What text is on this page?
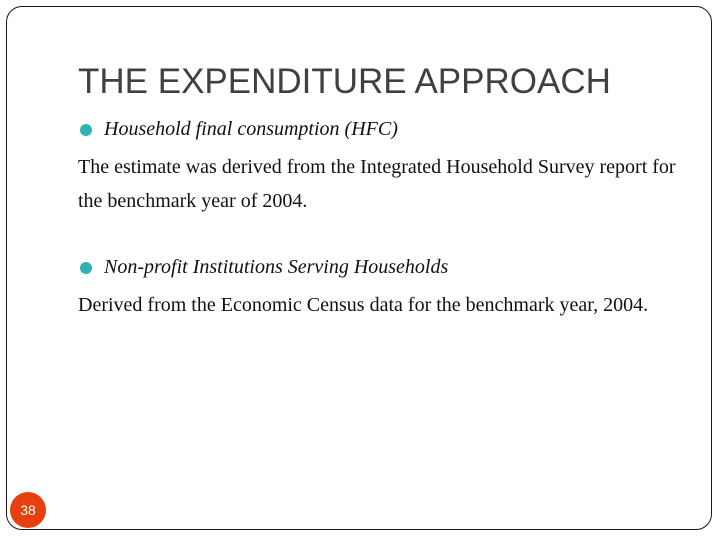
THE EXPENDITURE APPROACH
Household final consumption (HFC)

The estimate was derived from the Integrated Household Survey report for the benchmark year of 2004.

Non-profit Institutions Serving Households

Derived from the Economic Census data for the benchmark year, 2004.

38
